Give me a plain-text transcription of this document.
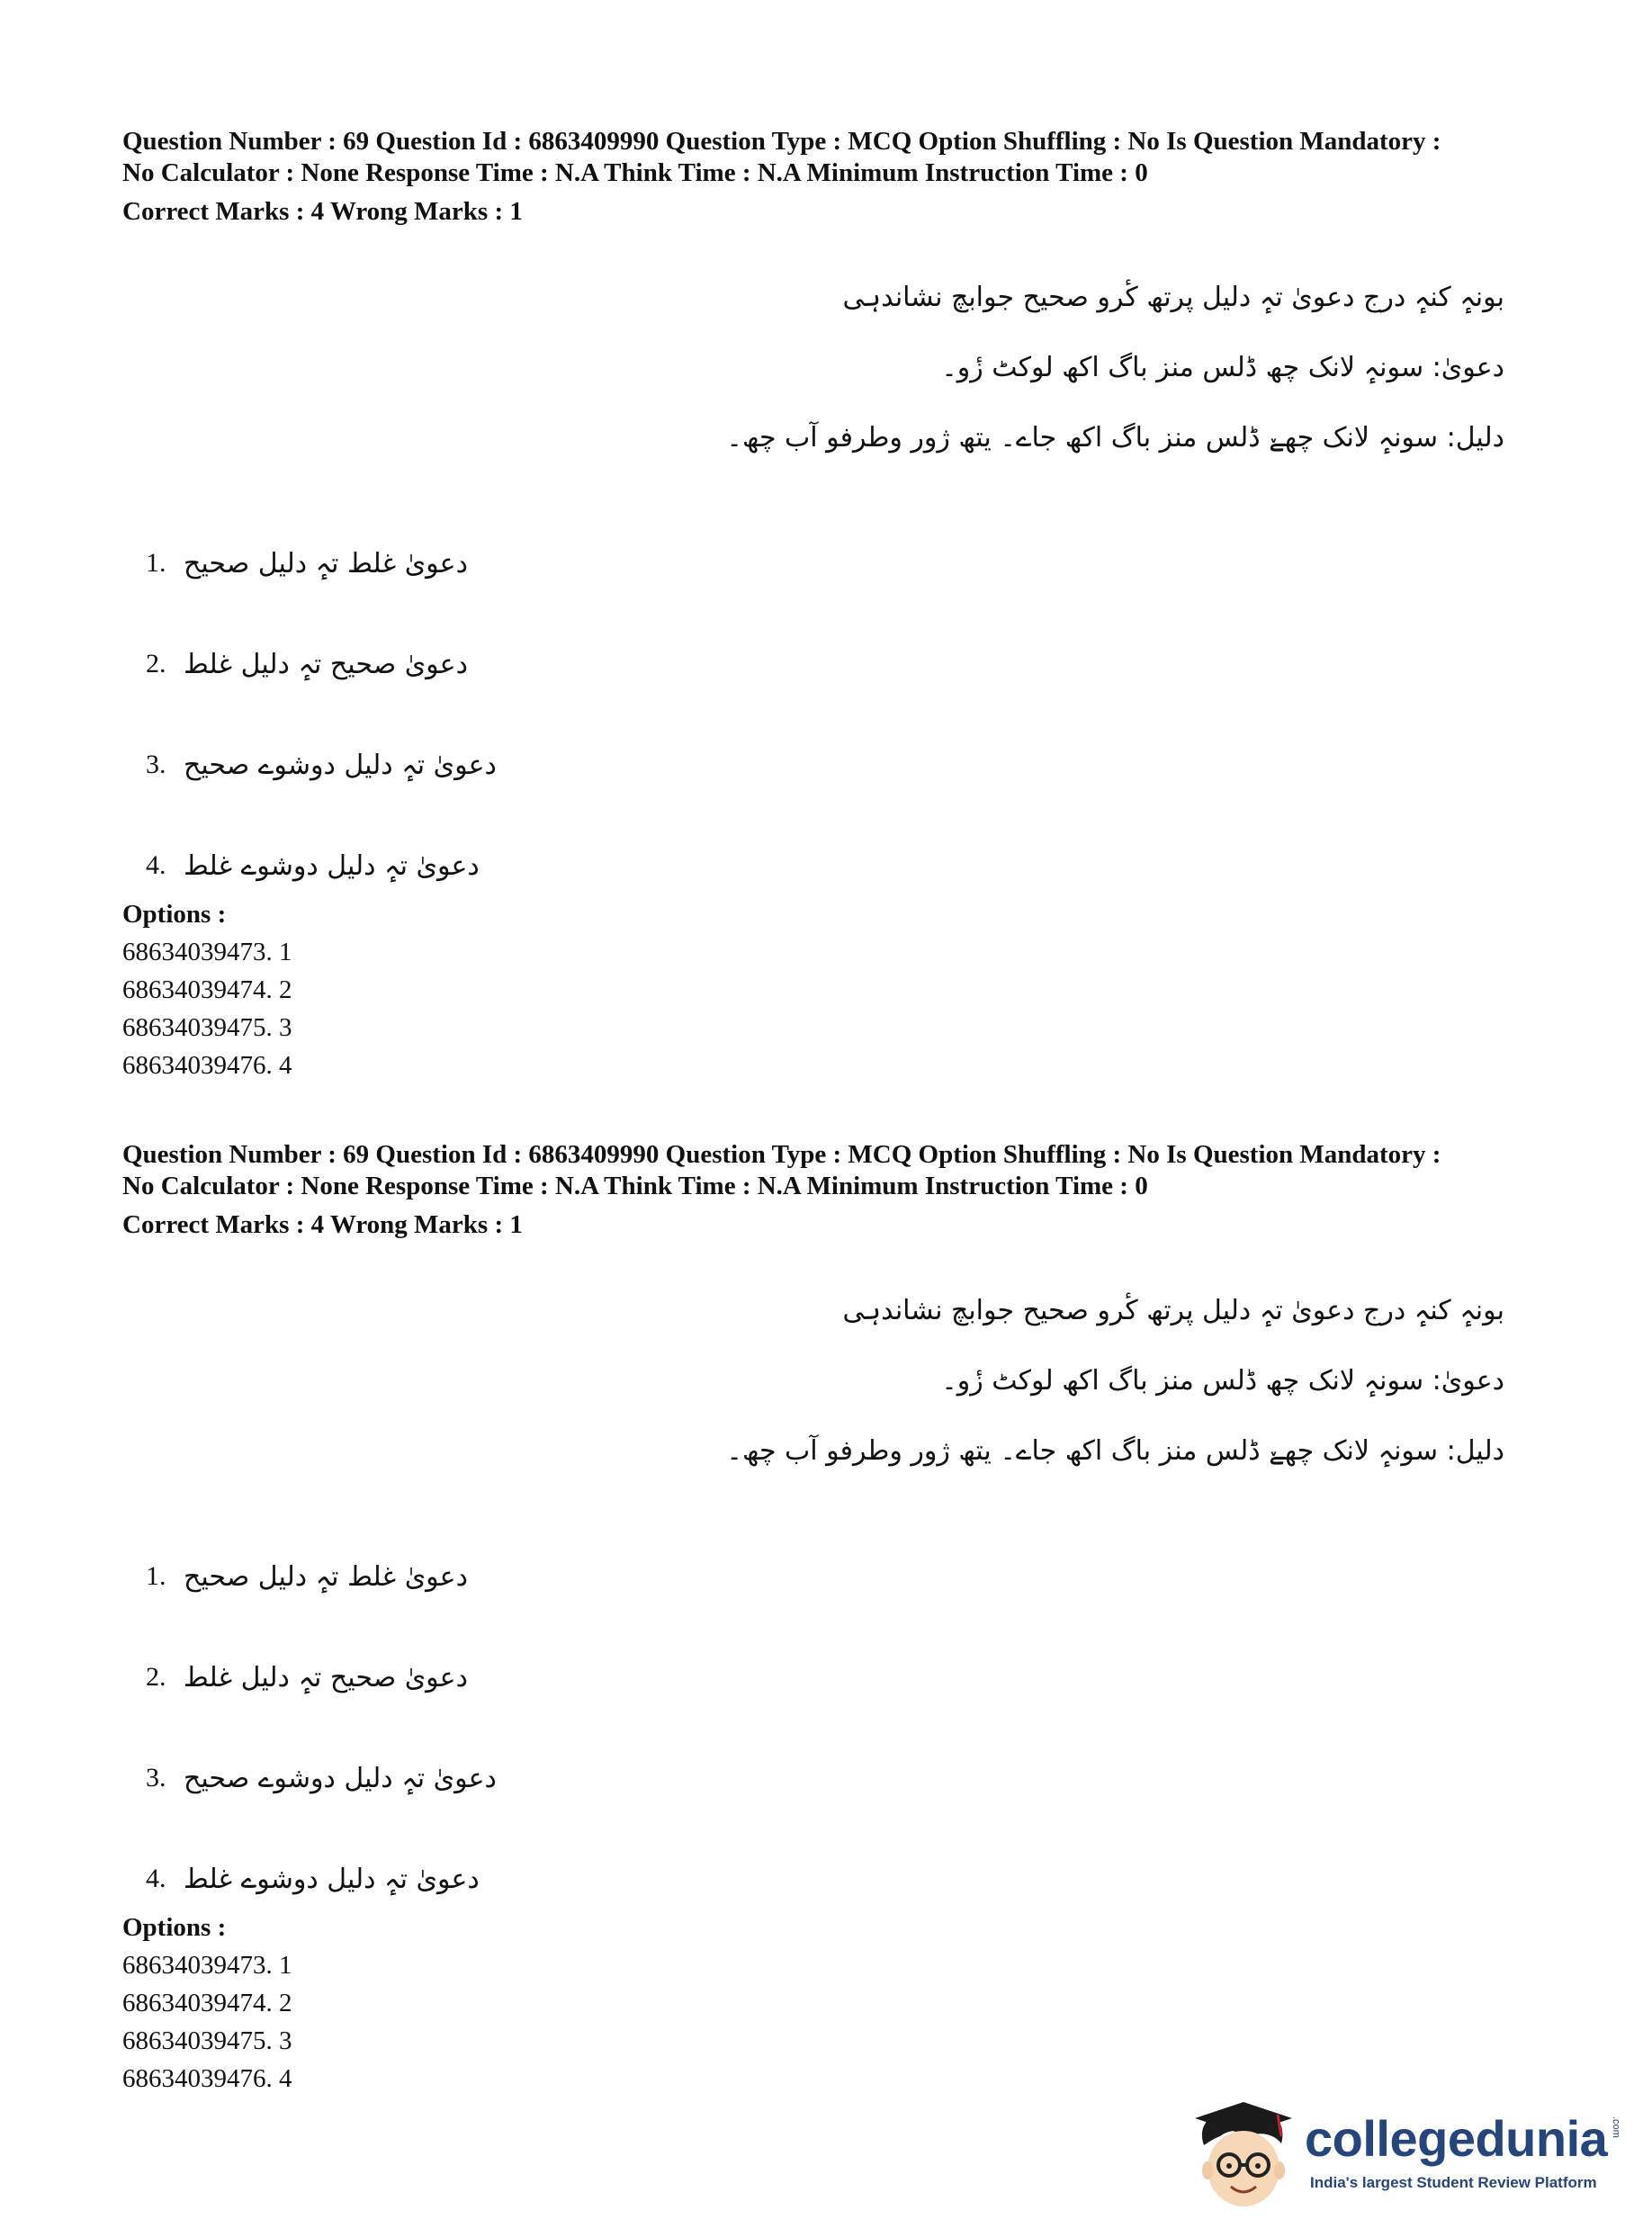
Question Number : 69 Question Id : 6863409990 Question Type : MCQ Option Shuffling : No Is Question Mandatory :
No Calculator : None Response Time : N.A Think Time : N.A Minimum Instruction Time : 0

Correct Marks : 4 Wrong Marks : 1
بونہٕ کنہٕ درج دعویٰ تہٕ دلیل پرتھ کٔرو صحیح جوابچ نشاندہی
دعویٰ: سونہٕ لانک چھ ڈلس منز باگ اکھ لوکٹ زٔو۔
دلیل: سونہٕ لانک چھےٚ ڈلس منز باگ اکھ جاے۔ یتھ ژور وطرفو آب چھ۔
1. دعویٰ غلط تہٕ دلیل صحیح
2. دعویٰ صحیح تہٕ دلیل غلط
3. دعویٰ تہٕ دلیل دوشوے صحیح
4. دعویٰ تہٕ دلیل دوشوے غلط
Options :
68634039473. 1
68634039474. 2
68634039475. 3
68634039476. 4

Question Number : 69 Question Id : 6863409990 Question Type : MCQ Option Shuffling : No Is Question Mandatory :
No Calculator : None Response Time : N.A Think Time : N.A Minimum Instruction Time : 0

Correct Marks : 4 Wrong Marks : 1
بونہٕ کنہٕ درج دعویٰ تہٕ دلیل پرتھ کٔرو صحیح جوابچ نشاندہی
دعویٰ: سونہٕ لانک چھ ڈلس منز باگ اکھ لوکٹ زٔو۔
دلیل: سونہٕ لانک چھےٚ ڈلس منز باگ اکھ جاے۔ یتھ ژور وطرفو آب چھ۔
1. دعویٰ غلط تہٕ دلیل صحیح
2. دعویٰ صحیح تہٕ دلیل غلط
3. دعویٰ تہٕ دلیل دوشوے صحیح
4. دعویٰ تہٕ دلیل دوشوے غلط
Options :
68634039473. 1
68634039474. 2
68634039475. 3
68634039476. 4
collegedunia .com
India's largest Student Review Platform
